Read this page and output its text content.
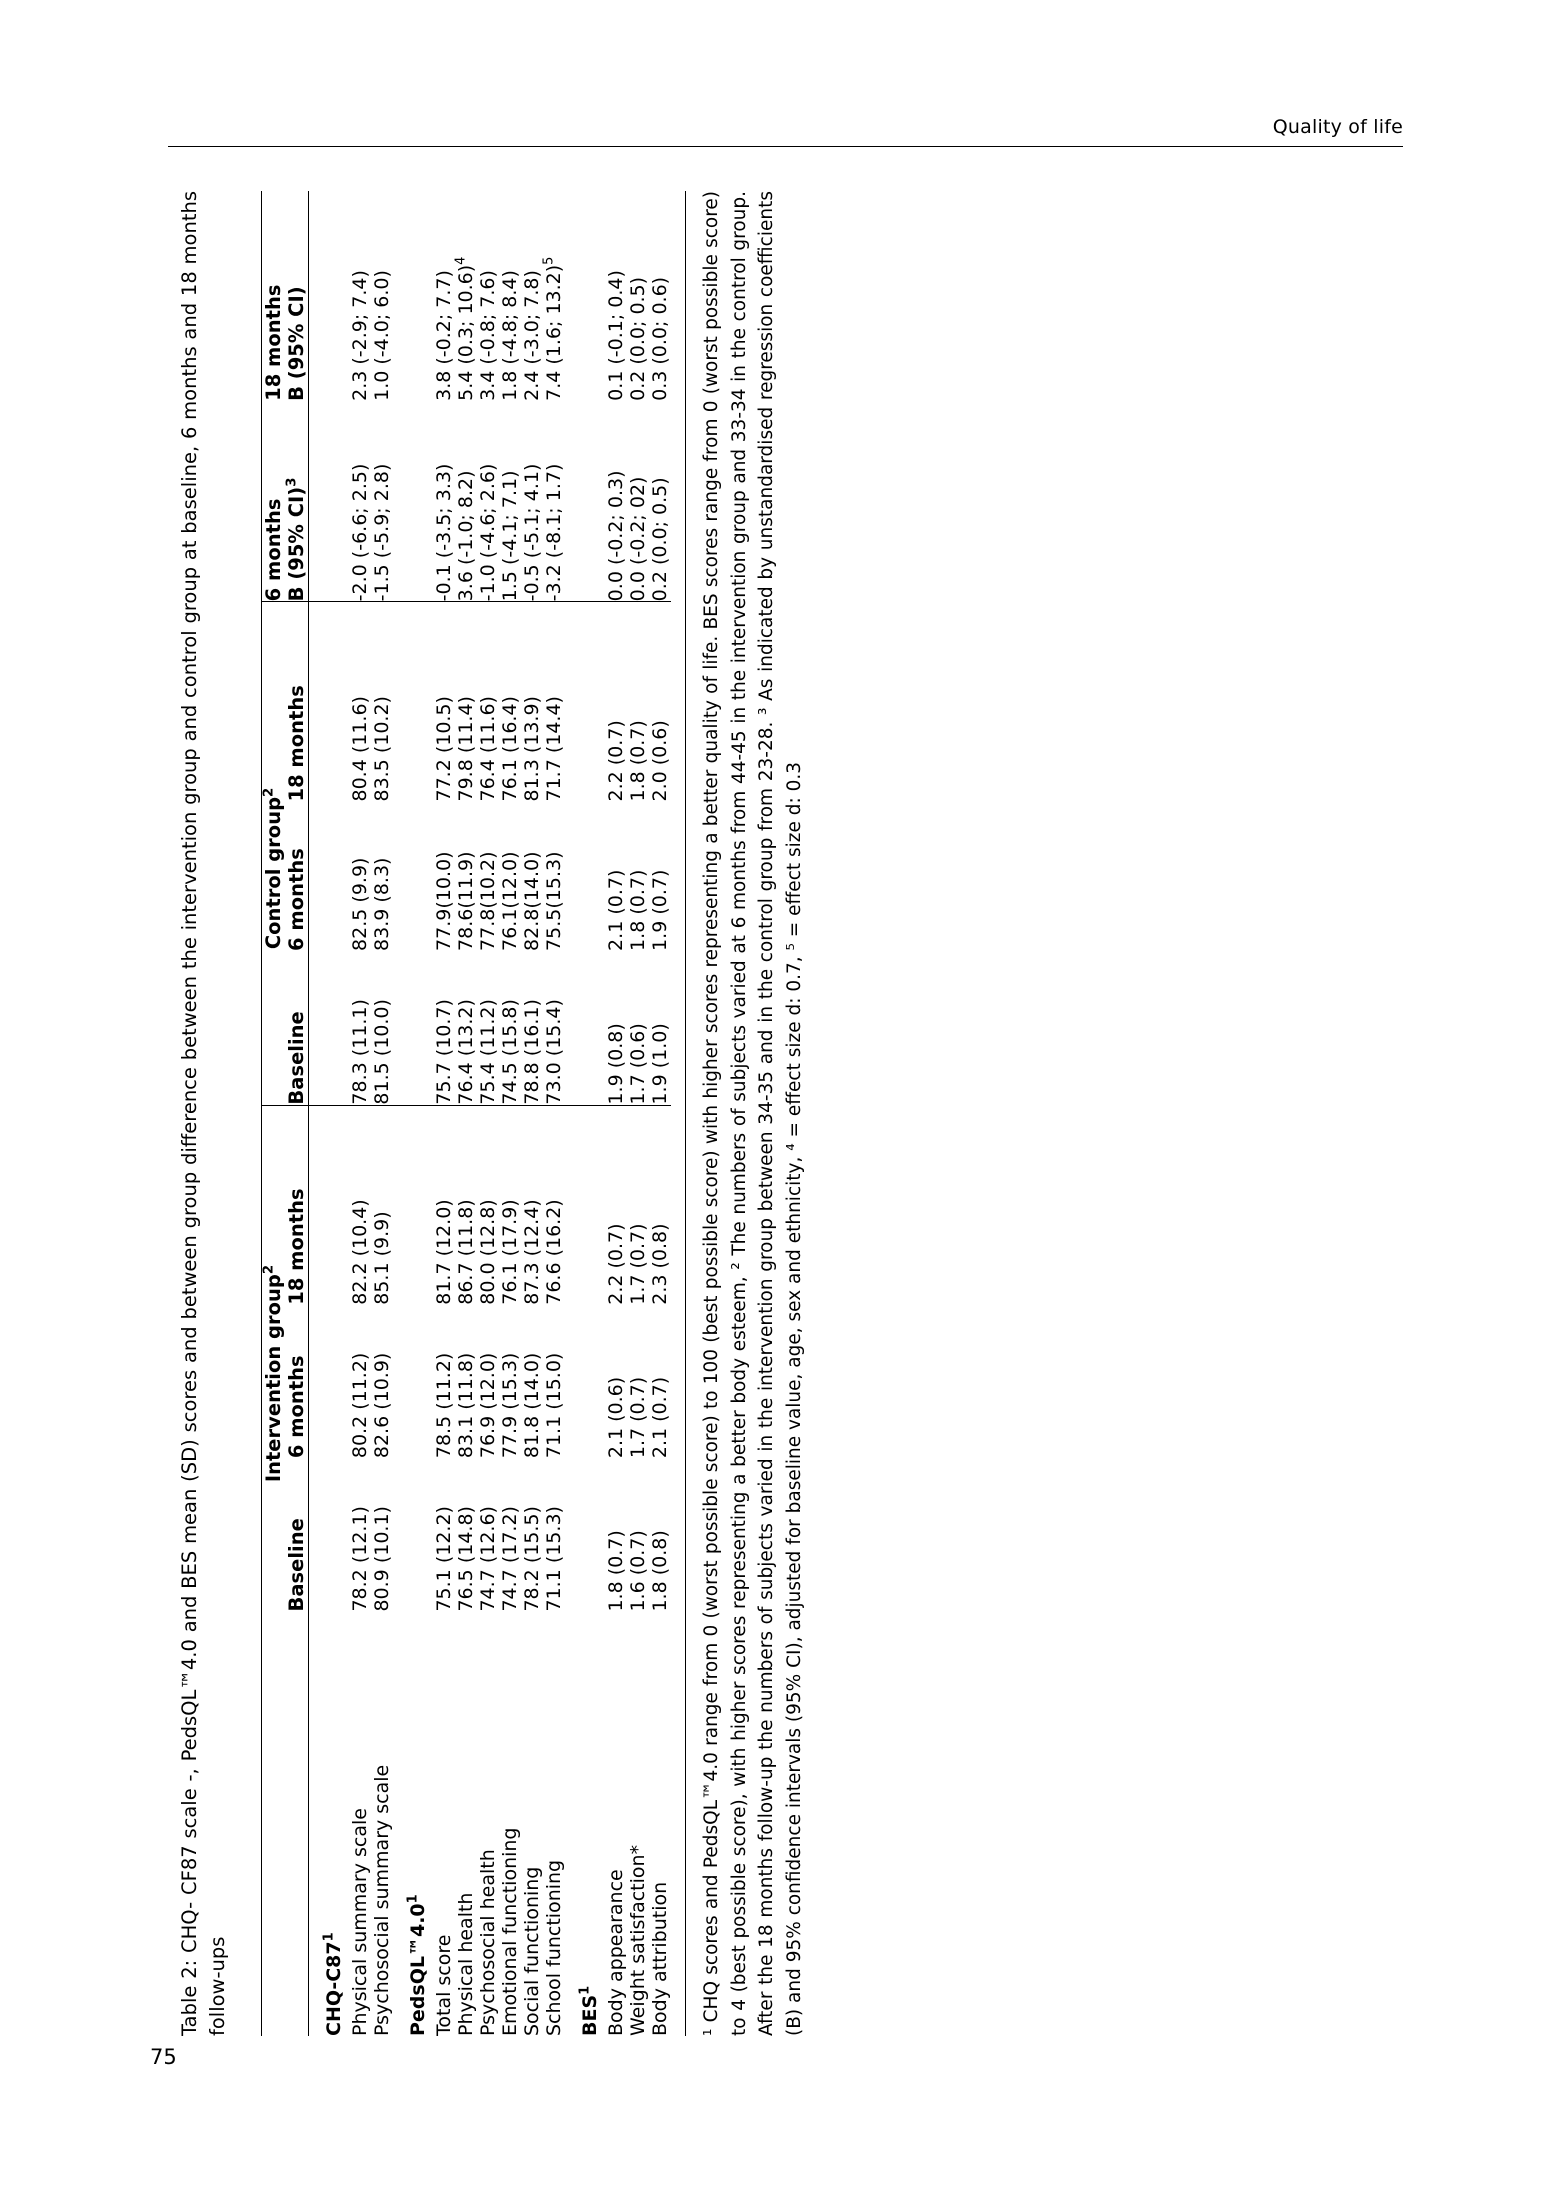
Quality of life
Table 2: CHQ- CF87 scale -, PedsQL™4.0 and BES mean (SD) scores and between group difference between the intervention group and control group at baseline, 6 months and 18 months follow-ups
		Intervention group$^2$				Control group$^2$				6 months	18 months
		Baseline	6 months	18 months		Baseline	6 months	18 months		B (95% CI)$^3$	B (95% CI)
CHQ-$C87^1$											
Physical summary scale		78.2 (12.1)	80.2 (11.2)	82.2 (10.4)		78.3 (11.1)	82.5 (9.9)	80.4 (11.6)		-2.0 (-6.6; 2.5)	2.3 (-2.9; 7.4)
Psychosocial summary scale		80.9 (10.1)	82.6 (10.9)	85.1 (9.9)		81.5 (10.0)	83.9 (8.3)	83.5 (10.2)		-1.5 (-5.9; 2.8)	1.0 (-4.0; 6.0)
$PedsQL™4.0^1$											
Total score		75.1 (12.2)	78.5 (11.2)	81.7 (12.0)		75.7 (10.7)	77.9(10.0)	77.2 (10.5)		-0.1 (-3.5; 3.3)	3.8 (-0.2; 7.7)
Physical health		76.5 (14.8)	83.1 (11.8)	86.7 (11.8)		76.4 (13.2)	78.6(11.9)	79.8 (11.4)		3.6 (-1.0; 8.2)	5.4 (0.3; 10.6)$^4$
Psychosocial health		74.7 (12.6)	76.9 (12.0)	80.0 (12.8)		75.4 (11.2)	77.8(10.2)	76.4 (11.6)		-1.0 (-4.6; 2.6)	3.4 (-0.8; 7.6)
Emotional functioning		74.7 (17.2)	77.9 (15.3)	76.1 (17.9)		74.5 (15.8)	76.1(12.0)	76.1 (16.4)		1.5 (-4.1; 7.1)	1.8 (-4.8; 8.4)
Social functioning		78.2 (15.5)	81.8 (14.0)	87.3 (12.4)		78.8 (16.1)	82.8(14.0)	81.3 (13.9)		-0.5 (-5.1; 4.1)	2.4 (-3.0; 7.8)
School functioning		71.1 (15.3)	71.1 (15.0)	76.6 (16.2)		73.0 (15.4)	75.5(15.3)	71.7 (14.4)		-3.2 (-8.1; 1.7)	7.4 (1.6; 13.2)$^5$
BES$^1$											
Body appearance		1.8 (0.7)	2.1 (0.6)	2.2 (0.7)		1.9 (0.8)	2.1 (0.7)	2.2 (0.7)		0.0 (-0.2; 0.3)	0.1 (-0.1; 0.4)
Weight satisfaction*		1.6 (0.7)	1.7 (0.7)	1.7 (0.7)		1.7 (0.6)	1.8 (0.7)	1.8 (0.7)		0.0 (-0.2; 02)	0.2 (0.0; 0.5)
Body attribution		1.8 (0.8)	2.1 (0.7)	2.3 (0.8)		1.9 (1.0)	1.9 (0.7)	2.0 (0.6)		0.2 (0.0; 0.5)	0.3 (0.0; 0.6)	¹ CHQ scores and PedsQL™4.0 range from 0 (worst possible score) to 100 (best possible score) with higher scores representing a better quality of life. BES scores range from 0 (worst possible score) to 4 (best possible score), with higher scores representing a better body esteem, ² The numbers of subjects varied at 6 months from 44-45 in the intervention group and 33-34 in the control group. After the 18 months follow-up the numbers of subjects varied in the intervention group between 34-35 and in the control group from 23-28. ³ As indicated by unstandardised regression coefficients (B) and 95% confidence intervals (95% CI), adjusted for baseline value, age, sex and ethnicity, ⁴ = effect size d: 0.7, ⁵ = effect size d: 0.3
75
